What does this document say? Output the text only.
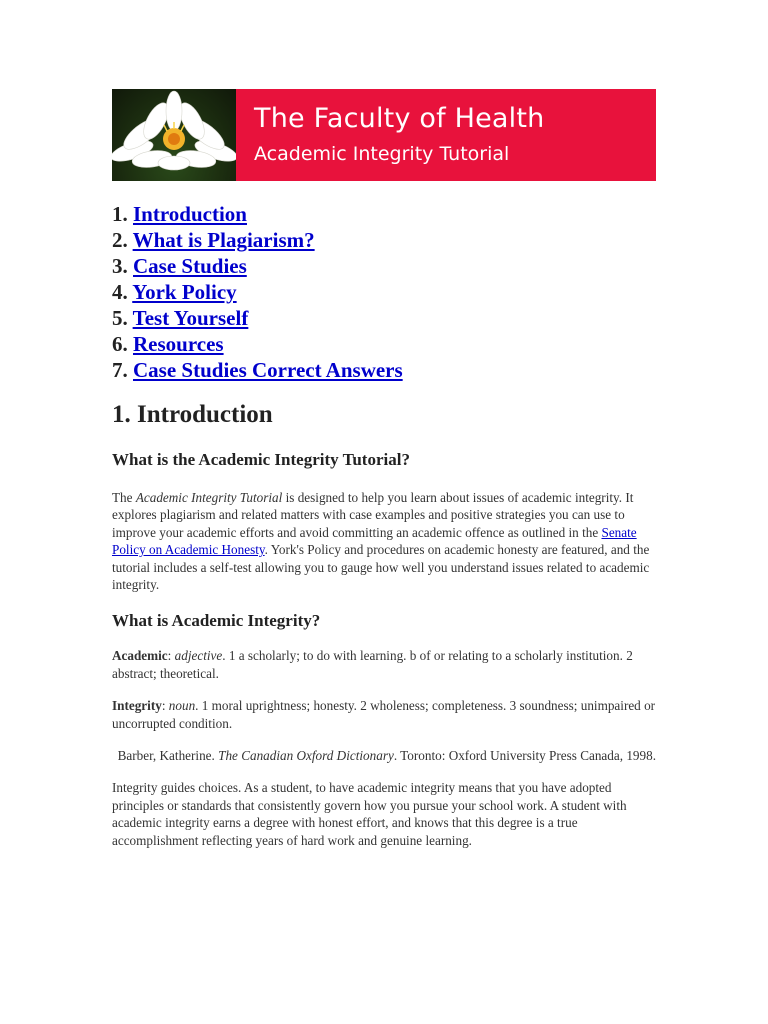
The Faculty of Health
Academic Integrity Tutorial
1. Introduction
2. What is Plagiarism?
3. Case Studies
4. York Policy
5. Test Yourself
6. Resources
7. Case Studies Correct Answers
1. Introduction
What is the Academic Integrity Tutorial?

The Academic Integrity Tutorial is designed to help you learn about issues of academic integrity. It explores plagiarism and related matters with case examples and positive strategies you can use to improve your academic efforts and avoid committing an academic offence as outlined in the Senate Policy on Academic Honesty. York's Policy and procedures on academic honesty are featured, and the tutorial includes a self-test allowing you to gauge how well you understand issues related to academic integrity.

What is Academic Integrity?

Academic: adjective. 1 a scholarly; to do with learning. b of or relating to a scholarly institution. 2 abstract; theoretical.

Integrity: noun. 1 moral uprightness; honesty. 2 wholeness; completeness. 3 soundness; unimpaired or uncorrupted condition.

Barber, Katherine. The Canadian Oxford Dictionary. Toronto: Oxford University Press Canada, 1998.

Integrity guides choices. As a student, to have academic integrity means that you have adopted principles or standards that consistently govern how you pursue your school work. A student with academic integrity earns a degree with honest effort, and knows that this degree is a true accomplishment reflecting years of hard work and genuine learning.
